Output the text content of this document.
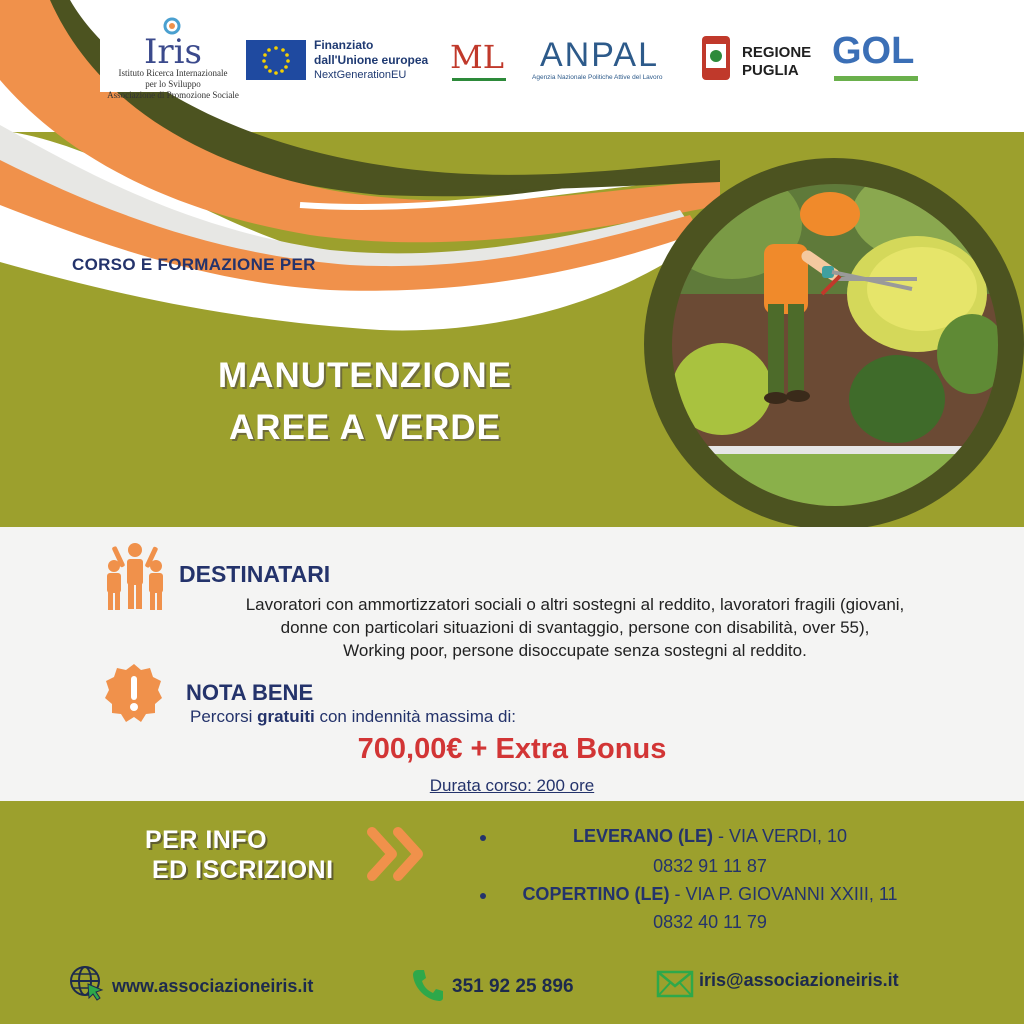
Iris
Istituto Ricerca Internazionale
per lo Sviluppo
Associazione di Promozione Sociale
Finanziato
dall'Unione europea
NextGenerationEU ML ANPAL
Agenzia Nazionale Politiche Attive del Lavoro
REGIONE
PUGLIA GOL
CORSO E FORMAZIONE PER
MANUTENZIONE
AREE A VERDE
DESTINATARI
Lavoratori con ammortizzatori sociali o altri sostegni al reddito, lavoratori fragili (giovani,
donne con particolari situazioni di svantaggio, persone con disabilità, over 55),
Working poor, persone disoccupate senza sostegni al reddito.
NOTA BENE
Percorsi gratuiti con indennità massima di:
700,00€ + Extra Bonus
Durata corso: 200 ore
PER INFO
ED ISCRIZIONI
LEVERANO (LE) - VIA VERDI, 10
0832 91 11 87
COPERTINO (LE) - VIA P. GIOVANNI XXIII, 11
0832 40 11 79
www.associazioneiris.it	351 92 25 896	iris@associazioneiris.it
